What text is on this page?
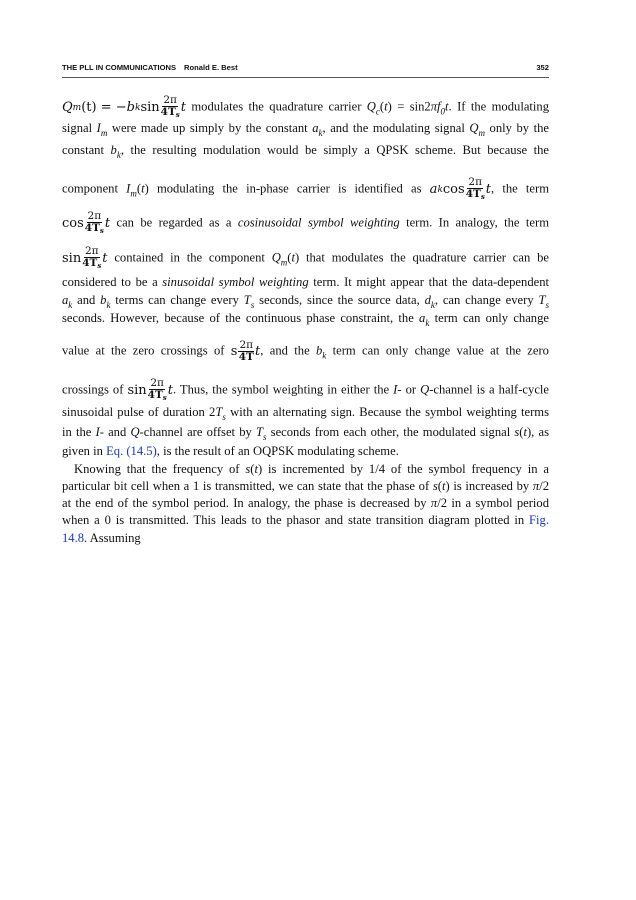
THE PLL IN COMMUNICATIONS Ronald E. Best	352
Q m (t) = − b k $\sin \frac{2\pi}{4T_s}$ t modulates the quadrature carrier $Q_c(t) = \sin 2\pi f_0t$. If the modulating
signal $I_m$ were made up simply by the constant $a_k$, and the modulating signal $Q_m$ only by the
constant $b_k$, the resulting modulation would be simply a QPSK scheme. But because the
component $I_m(t)$ modulating the in-phase carrier is identified as a k $\cos \frac{2\pi}{4T_s}$ t , the term
$\cos \frac{2\pi}{4T_s}$ t can be regarded as a cosinusoidal symbol weighting term. In analogy, the term
$\sin \frac{2\pi}{4T_s}$ t contained in the component $Q_m(t)$ that modulates the quadrature carrier can be
considered to be a sinusoidal symbol weighting term. It might appear that the data-dependent
$a_k$ and $b_k$ terms can change every $T_s$ seconds, since the source data, $d_k$, can change every $T_s$
seconds. However, because of the continuous phase constraint, the $a_k$ term can only change
value at the zero crossings of s $\frac{2\pi}{4T}$ t , and the $b_k$ term can only change value at the zero
crossings of $\sin \frac{2\pi}{4T_s}$ t . Thus, the symbol weighting in either the I- or Q-channel is a half-cycle
sinusoidal pulse of duration $2T_s$ with an alternating sign. Because the symbol weighting terms
in the I- and Q-channel are offset by $T_s$ seconds from each other, the modulated signal s(t), as
given in Eq. (14.5), is the result of an OQPSK modulating scheme.
Knowing that the frequency of s(t) is incremented by 1/4 of the symbol frequency in a
particular bit cell when a 1 is transmitted, we can state that the phase of s(t) is increased by π/2
at the end of the symbol period. In analogy, the phase is decreased by π/2 in a symbol period
when a 0 is transmitted. This leads to the phasor and state transition diagram plotted in Fig.
14.8. Assuming
